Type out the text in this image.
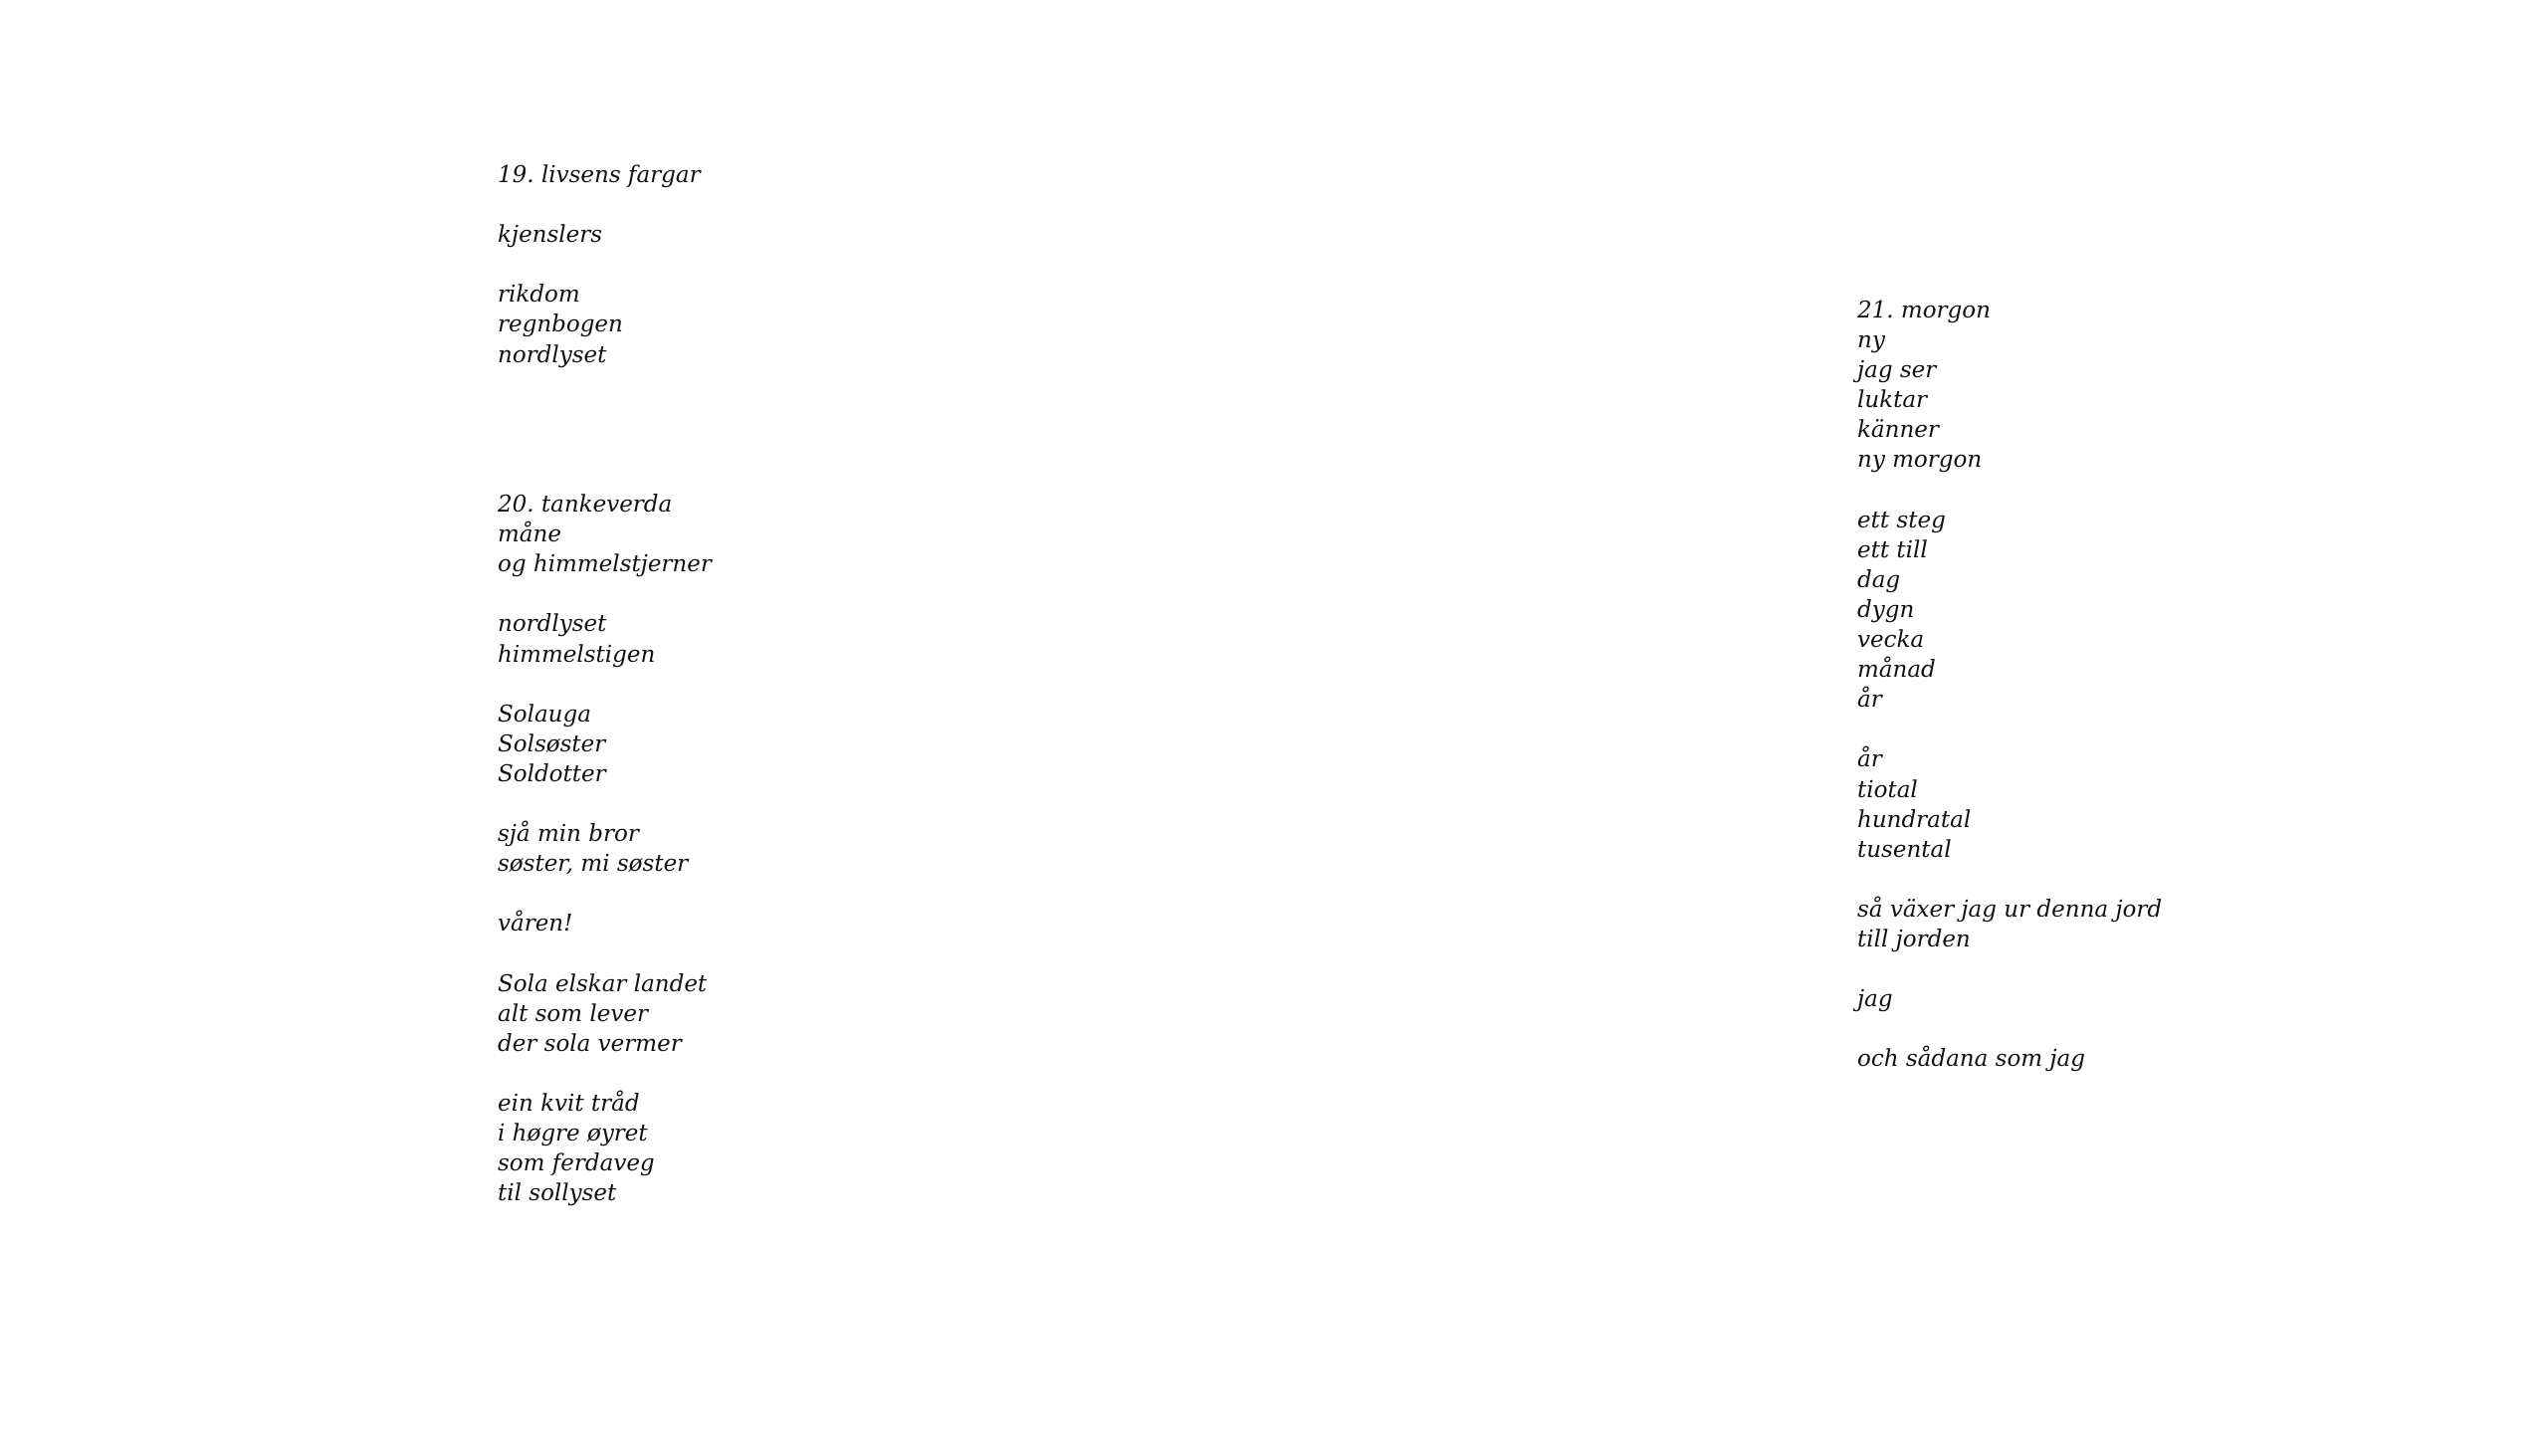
19. livsens fargar
kjenslers
rikdom
regnbogen
nordlyset
20. tankeverda
måne
og himmelstjerner
nordlyset
himmelstigen
Solauga
Solsøster
Soldotter
sjå min bror
søster, mi søster
våren!
Sola elskar landet
alt som lever
der sola vermer
ein kvit tråd
i høgre øyret
som ferdaveg
til sollyset
21. morgon
ny
jag ser
luktar
känner
ny morgon
ett steg
ett till
dag
dygn
vecka
månad
år
år
tiotal
hundratal
tusental
så växer jag ur denna jord
till jorden
jag
och sådana som jag
